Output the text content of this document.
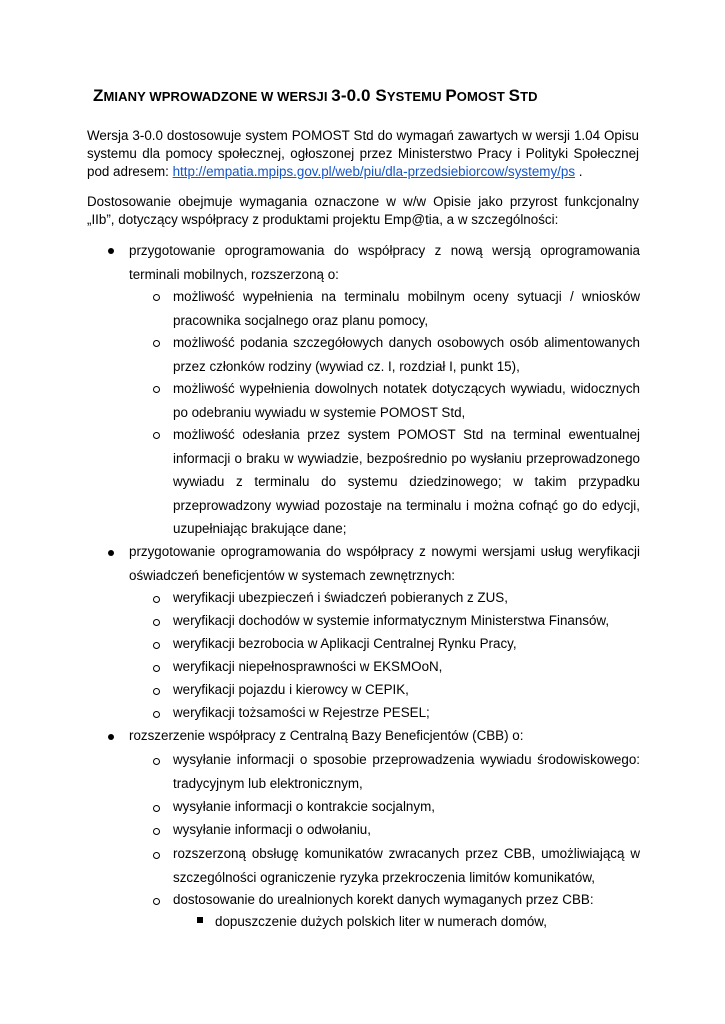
ZMIANY WPROWADZONE W WERSJI 3-0.0 SYSTEMU POMOST STD

Wersja 3-0.0 dostosowuje system POMOST Std do wymagań zawartych w wersji 1.04 Opisu systemu dla pomocy społecznej, ogłoszonej przez Ministerstwo Pracy i Polityki Społecznej pod adresem: http://empatia.mpips.gov.pl/web/piu/dla-przedsiebiorcow/systemy/ps .

Dostosowanie obejmuje wymagania oznaczone w w/w Opisie jako przyrost funkcjonalny „IIb”, dotyczący współpracy z produktami projektu Emp@tia, a w szczególności:

przygotowanie oprogramowania do współpracy z nową wersją oprogramowania terminali mobilnych, rozszerzoną o:

możliwość wypełnienia na terminalu mobilnym oceny sytuacji / wniosków pracownika socjalnego oraz planu pomocy,

możliwość podania szczegółowych danych osobowych osób alimentowanych przez członków rodziny (wywiad cz. I, rozdział I, punkt 15),

możliwość wypełnienia dowolnych notatek dotyczących wywiadu, widocznych po odebraniu wywiadu w systemie POMOST Std,

możliwość odesłania przez system POMOST Std na terminal ewentualnej informacji o braku w wywiadzie, bezpośrednio po wysłaniu przeprowadzonego wywiadu z terminalu do systemu dziedzinowego; w takim przypadku przeprowadzony wywiad pozostaje na terminalu i można cofnąć go do edycji, uzupełniając brakujące dane;

przygotowanie oprogramowania do współpracy z nowymi wersjami usług weryfikacji oświadczeń beneficjentów w systemach zewnętrznych:

weryfikacji ubezpieczeń i świadczeń pobieranych z ZUS,

weryfikacji dochodów w systemie informatycznym Ministerstwa Finansów,

weryfikacji bezrobocia w Aplikacji Centralnej Rynku Pracy,

weryfikacji niepełnosprawności w EKSMOoN,

weryfikacji pojazdu i kierowcy w CEPIK,

weryfikacji tożsamości w Rejestrze PESEL;

rozszerzenie współpracy z Centralną Bazy Beneficjentów (CBB) o:

wysyłanie informacji o sposobie przeprowadzenia wywiadu środowiskowego: tradycyjnym lub elektronicznym,

wysyłanie informacji o kontrakcie socjalnym,

wysyłanie informacji o odwołaniu,

rozszerzoną obsługę komunikatów zwracanych przez CBB, umożliwiającą w szczególności ograniczenie ryzyka przekroczenia limitów komunikatów,

dostosowanie do urealnionych korekt danych wymaganych przez CBB:

dopuszczenie dużych polskich liter w numerach domów,
